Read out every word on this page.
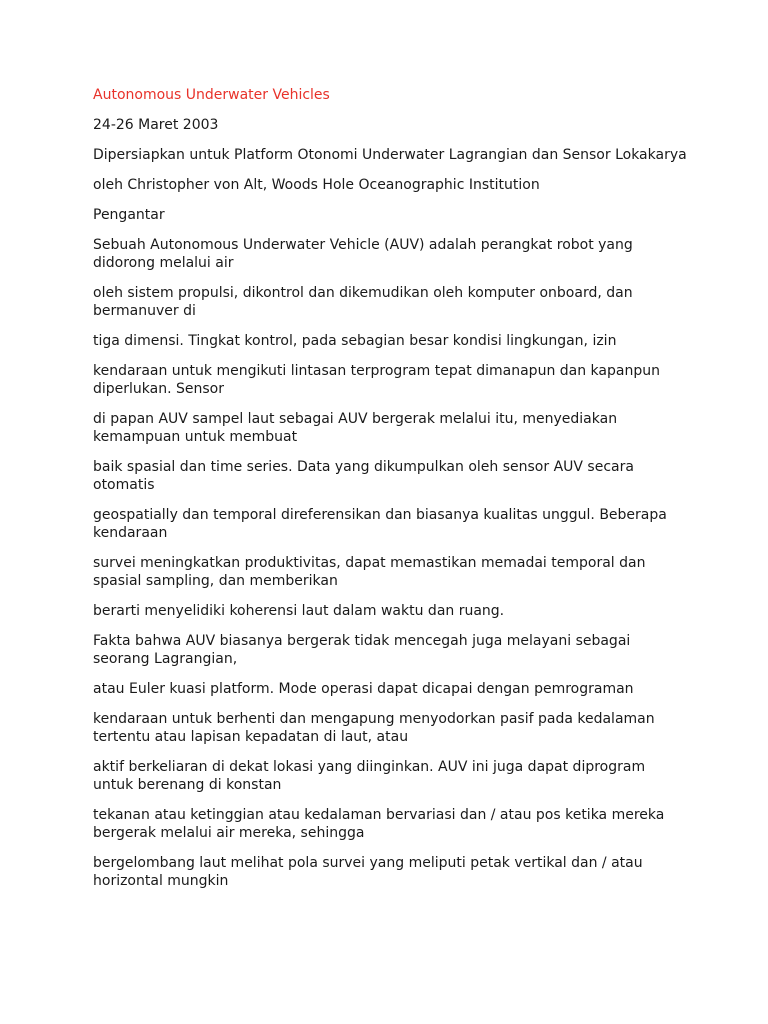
Autonomous Underwater Vehicles

24-26 Maret 2003

Dipersiapkan untuk Platform Otonomi Underwater Lagrangian dan Sensor Lokakarya

oleh Christopher von Alt, Woods Hole Oceanographic Institution

Pengantar

Sebuah Autonomous Underwater Vehicle (AUV) adalah perangkat robot yang didorong melalui air

oleh sistem propulsi, dikontrol dan dikemudikan oleh komputer onboard, dan bermanuver di

tiga dimensi. Tingkat kontrol, pada sebagian besar kondisi lingkungan, izin

kendaraan untuk mengikuti lintasan terprogram tepat dimanapun dan kapanpun diperlukan. Sensor

di papan AUV sampel laut sebagai AUV bergerak melalui itu, menyediakan kemampuan untuk membuat

baik spasial dan time series. Data yang dikumpulkan oleh sensor AUV secara otomatis

geospatially dan temporal direferensikan dan biasanya kualitas unggul. Beberapa kendaraan

survei meningkatkan produktivitas, dapat memastikan memadai temporal dan spasial sampling, dan memberikan

berarti menyelidiki koherensi laut dalam waktu dan ruang.

Fakta bahwa AUV biasanya bergerak tidak mencegah juga melayani sebagai seorang Lagrangian,

atau Euler kuasi platform. Mode operasi dapat dicapai dengan pemrograman

kendaraan untuk berhenti dan mengapung menyodorkan pasif pada kedalaman tertentu atau lapisan kepadatan di laut, atau

aktif berkeliaran di dekat lokasi yang diinginkan. AUV ini juga dapat diprogram untuk berenang di konstan

tekanan atau ketinggian atau kedalaman bervariasi dan / atau pos ketika mereka bergerak melalui air mereka, sehingga

bergelombang laut melihat pola survei yang meliputi petak vertikal dan / atau horizontal mungkin
